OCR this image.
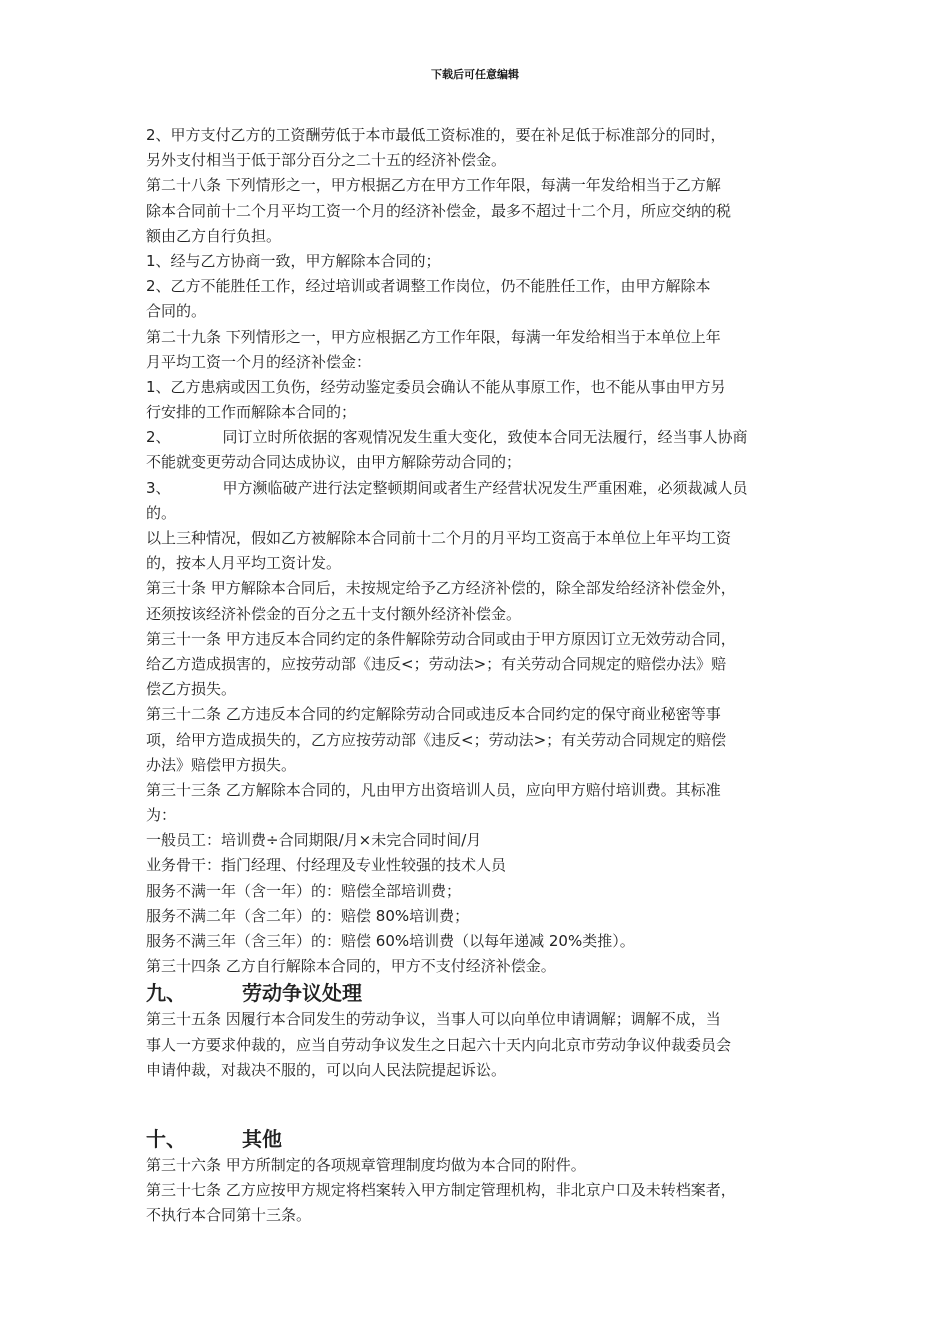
下载后可任意编辑
2、甲方支付乙方的工资酬劳低于本市最低工资标准的，要在补足低于标准部分的同时，
另外支付相当于低于部分百分之二十五的经济补偿金。
第二十八条 下列情形之一，甲方根据乙方在甲方工作年限，每满一年发给相当于乙方解
除本合同前十二个月平均工资一个月的经济补偿金，最多不超过十二个月，所应交纳的税
额由乙方自行负担。
1、经与乙方协商一致，甲方解除本合同的；
2、乙方不能胜任工作，经过培训或者调整工作岗位，仍不能胜任工作，由甲方解除本
合同的。
第二十九条 下列情形之一，甲方应根据乙方工作年限，每满一年发给相当于本单位上年
月平均工资一个月的经济补偿金：
1、乙方患病或因工负伤，经劳动鉴定委员会确认不能从事原工作，也不能从事由甲方另
行安排的工作而解除本合同的；
2、	同订立时所依据的客观情况发生重大变化，致使本合同无法履行，经当事人协商
不能就变更劳动合同达成协议，由甲方解除劳动合同的；
3、	甲方濒临破产进行法定整顿期间或者生产经营状况发生严重困难，必须裁减人员
的。
以上三种情况，假如乙方被解除本合同前十二个月的月平均工资高于本单位上年平均工资
的，按本人月平均工资计发。
第三十条 甲方解除本合同后，未按规定给予乙方经济补偿的，除全部发给经济补偿金外，
还须按该经济补偿金的百分之五十支付额外经济补偿金。
第三十一条 甲方违反本合同约定的条件解除劳动合同或由于甲方原因订立无效劳动合同，
给乙方造成损害的，应按劳动部《违反<；劳动法>；有关劳动合同规定的赔偿办法》赔
偿乙方损失。
第三十二条 乙方违反本合同的约定解除劳动合同或违反本合同约定的保守商业秘密等事
项，给甲方造成损失的，乙方应按劳动部《违反<；劳动法>；有关劳动合同规定的赔偿
办法》赔偿甲方损失。
第三十三条 乙方解除本合同的，凡由甲方出资培训人员，应向甲方赔付培训费。其标准
为：
一般员工：培训费÷合同期限/月×未完合同时间/月
业务骨干：指门经理、付经理及专业性较强的技术人员
服务不满一年（含一年）的：赔偿全部培训费；
服务不满二年（含二年）的：赔偿 80%培训费；
服务不满三年（含三年）的：赔偿 60%培训费（以每年递减 20%类推）。
第三十四条 乙方自行解除本合同的，甲方不支付经济补偿金。
九、	劳动争议处理
第三十五条 因履行本合同发生的劳动争议，当事人可以向单位申请调解；调解不成，当
事人一方要求仲裁的，应当自劳动争议发生之日起六十天内向北京市劳动争议仲裁委员会
申请仲裁，对裁决不服的，可以向人民法院提起诉讼。
十、	其他
第三十六条 甲方所制定的各项规章管理制度均做为本合同的附件。
第三十七条 乙方应按甲方规定将档案转入甲方制定管理机构，非北京户口及未转档案者，
不执行本合同第十三条。
